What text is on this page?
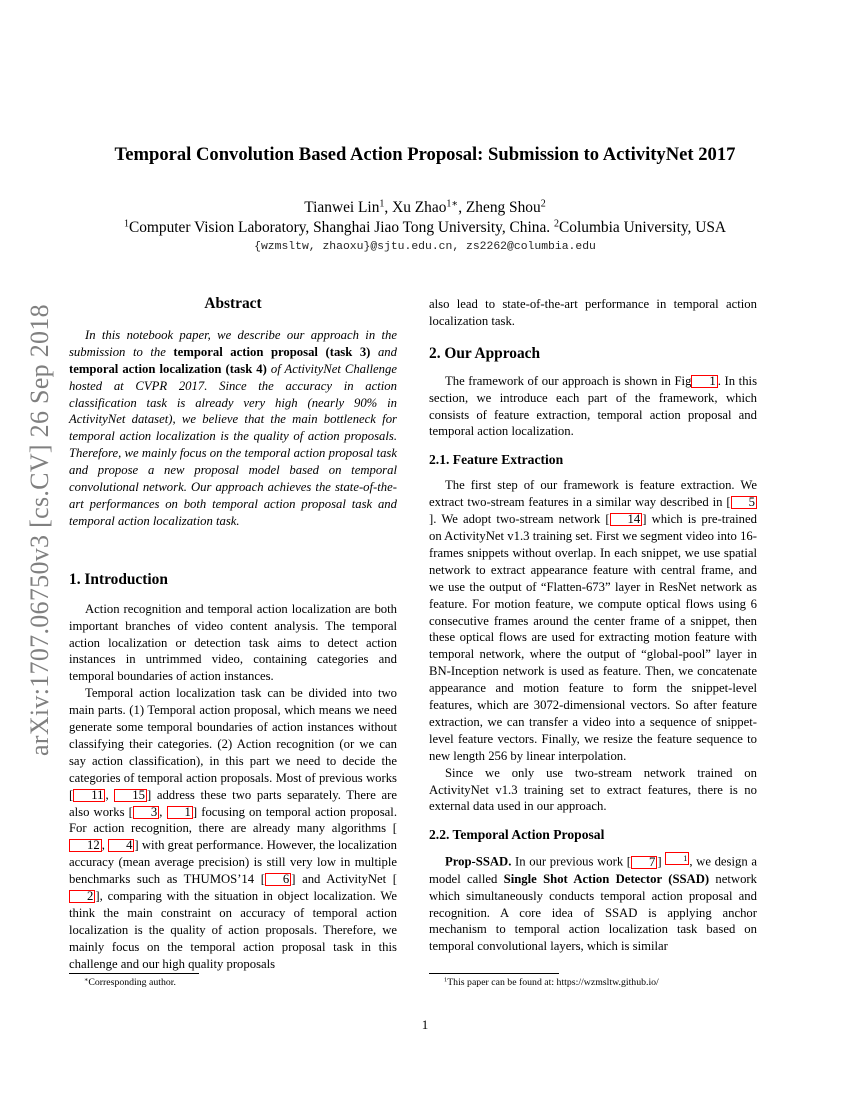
arXiv:1707.06750v3 [cs.CV] 26 Sep 2018
Temporal Convolution Based Action Proposal: Submission to ActivityNet 2017
Tianwei Lin$^1$, Xu Zhao$^{1∗}$, Zheng Shou$^2$
$^1$Computer Vision Laboratory, Shanghai Jiao Tong University, China. $^2$Columbia University, USA
{wzmsltw, zhaoxu}@sjtu.edu.cn, zs2262@columbia.edu
Abstract

In this notebook paper, we describe our approach in the submission to the temporal action proposal (task 3) and temporal action localization (task 4) of ActivityNet Challenge hosted at CVPR 2017. Since the accuracy in action classification task is already very high (nearly 90% in ActivityNet dataset), we believe that the main bottleneck for temporal action localization is the quality of action proposals. Therefore, we mainly focus on the temporal action proposal task and propose a new proposal model based on temporal convolutional network. Our approach achieves the state-of-the-art performances on both temporal action proposal task and temporal action localization task.

1. Introduction

Action recognition and temporal action localization are both important branches of video content analysis. The temporal action localization or detection task aims to detect action instances in untrimmed video, containing categories and temporal boundaries of action instances.

Temporal action localization task can be divided into two main parts. (1) Temporal action proposal, which means we need generate some temporal boundaries of action instances without classifying their categories. (2) Action recognition (or we can say action classification), in this part we need to decide the categories of temporal action proposals. Most of previous works [ 11 , 15 ] address these two parts separately. There are also works [ 3 , 1 ] focusing on temporal action proposal. For action recognition, there are already many algorithms [12 , 4 ] with great performance. However, the localization accuracy (mean average precision) is still very low in multiple benchmarks such as THUMOS’14 [ 6 ] and ActivityNet [2 ], comparing with the situation in object localization. We think the main constraint on accuracy of temporal action localization is the quality of action proposals. Therefore, we mainly focus on the temporal action proposal task in this challenge and our high quality proposals

also lead to state-of-the-art performance in temporal action localization task.

2. Our Approach

The framework of our approach is shown in Fig 1 . In this section, we introduce each part of the framework, which consists of feature extraction, temporal action proposal and temporal action localization.

2.1. Feature Extraction

The first step of our framework is feature extraction. We extract two-stream features in a similar way described in [ 5]. We adopt two-stream network [ 14 ] which is pre-trained on ActivityNet v1.3 training set. First we segment video into 16-frames snippets without overlap. In each snippet, we use spatial network to extract appearance feature with central frame, and we use the output of “Flatten-673” layer in ResNet network as feature. For motion feature, we compute optical flows using 6 consecutive frames around the center frame of a snippet, then these optical flows are used for extracting motion feature with temporal network, where the output of “global-pool” layer in BN-Inception network is used as feature. Then, we concatenate appearance and motion feature to form the snippet-level features, which are 3072-dimensional vectors. So after feature extraction, we can transfer a video into a sequence of snippet-level feature vectors. Finally, we resize the feature sequence to new length 256 by linear interpolation.

Since we only use two-stream network trained on ActivityNet v1.3 training set to extract features, there is no external data used in our approach.

2.2. Temporal Action Proposal

Prop-SSAD. In our previous work [ 7 ] $^1$ , we design a model called Single Shot Action Detector (SSAD) network which simultaneously conducts temporal action proposal and recognition. A core idea of SSAD is applying anchor mechanism to temporal action localization task based on temporal convolutional layers, which is similar

∗Corresponding author.	$^1$This paper can be found at: https://wzmsltw.github.io/
1
